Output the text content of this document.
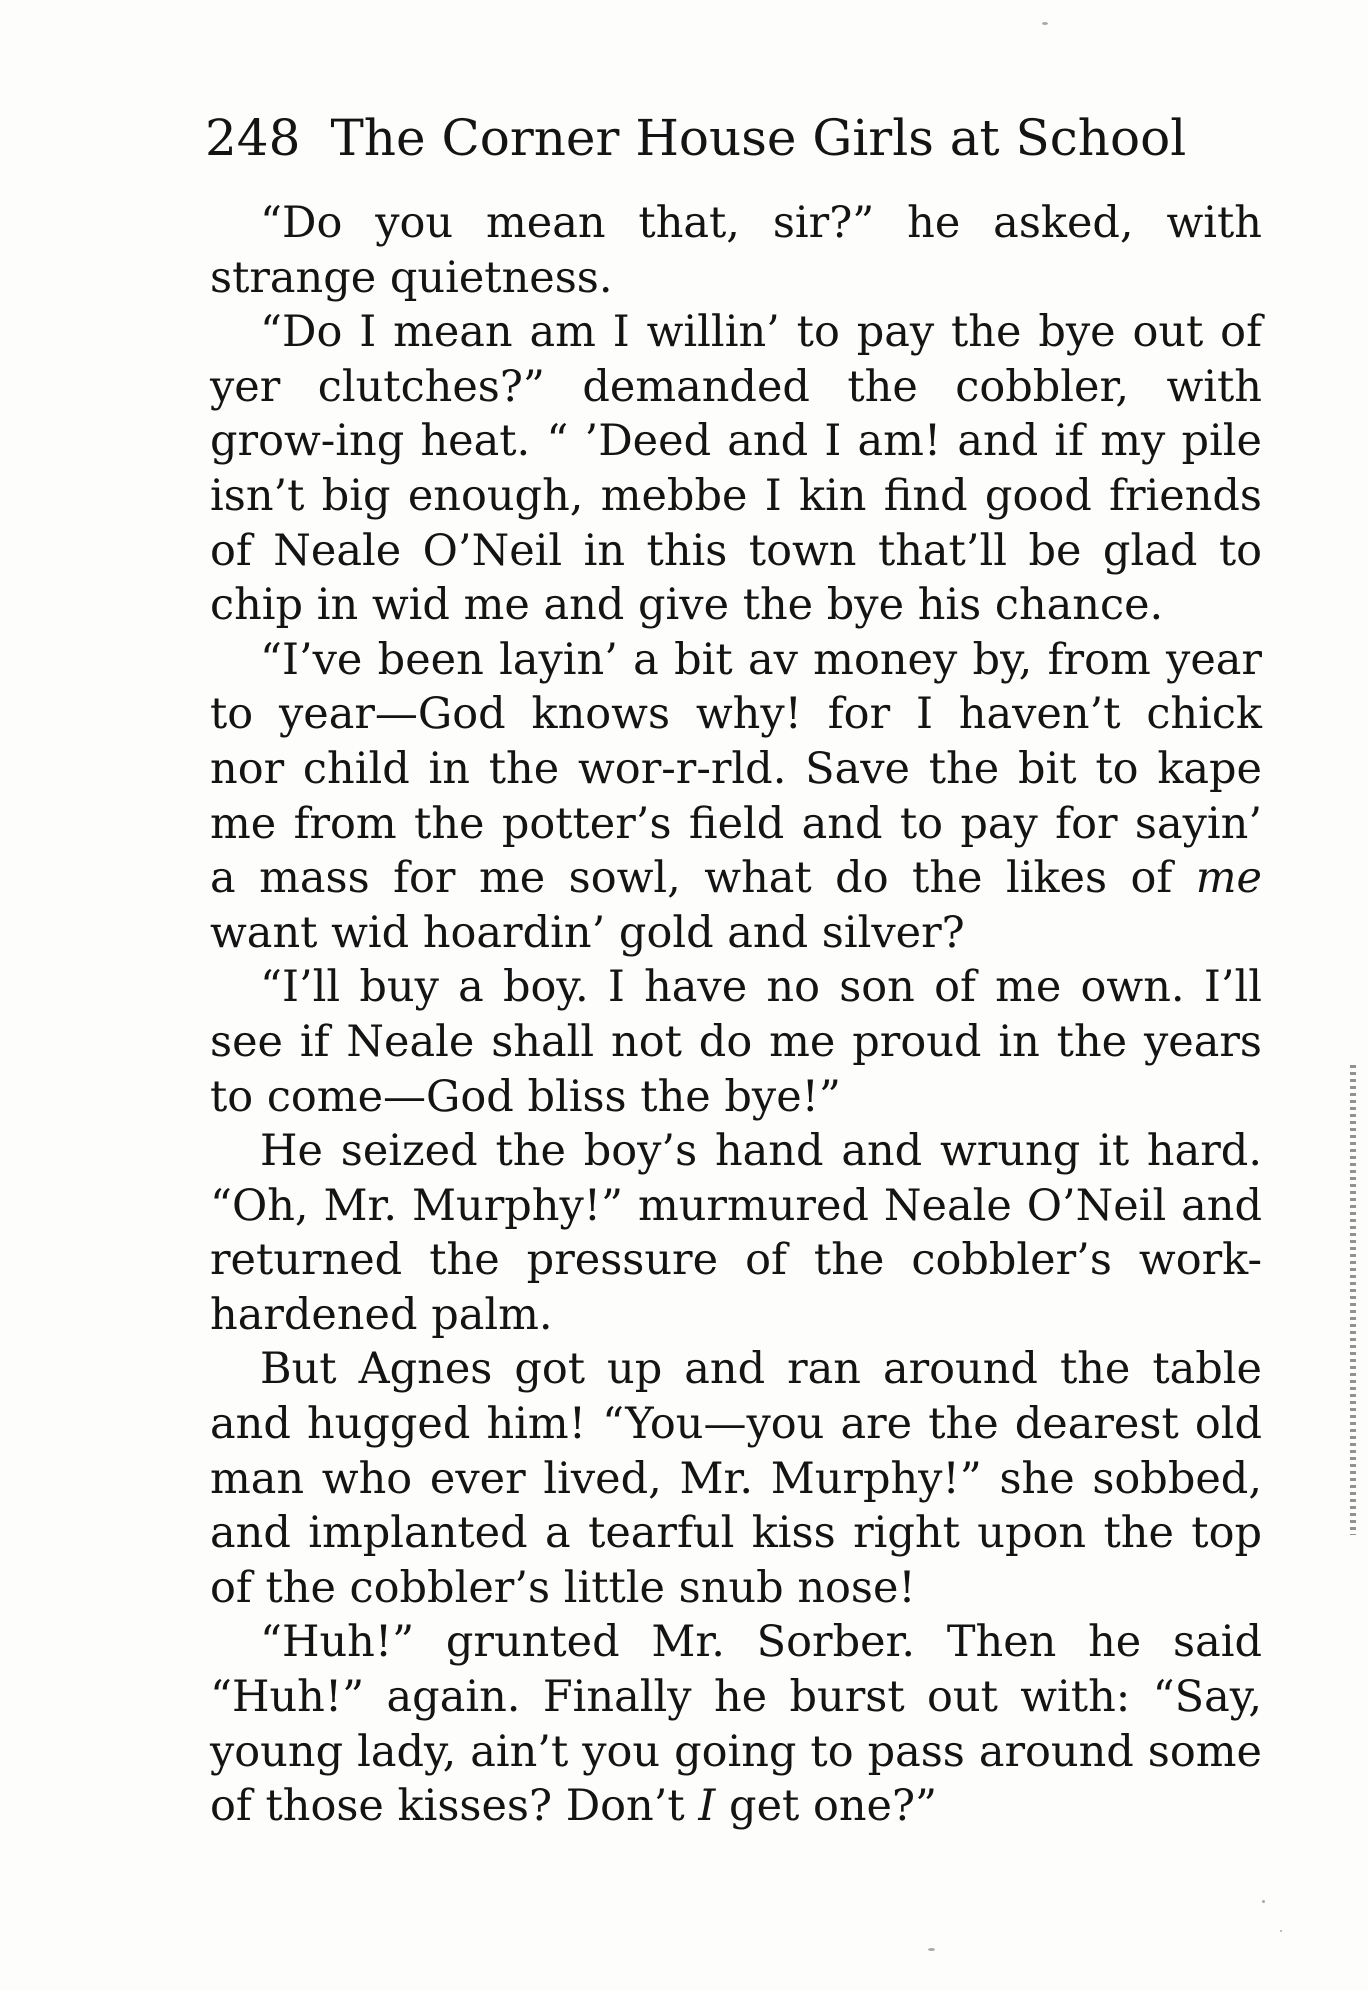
248 The Corner House Girls at School

“Do you mean that, sir?” he asked, with strange quietness.

“Do I mean am I willin’ to pay the bye out of yer clutches?” demanded the cobbler, with grow-ing heat. “ ’Deed and I am! and if my pile isn’t big enough, mebbe I kin find good friends of Neale O’Neil in this town that’ll be glad to chip in wid me and give the bye his chance.

“I’ve been layin’ a bit av money by, from year to year—God knows why! for I haven’t chick nor child in the wor-r-rld. Save the bit to kape me from the potter’s field and to pay for sayin’ a mass for me sowl, what do the likes of me want wid hoardin’ gold and silver?

“I’ll buy a boy. I have no son of me own. I’ll see if Neale shall not do me proud in the years to come—God bliss the bye!”

He seized the boy’s hand and wrung it hard. “Oh, Mr. Murphy!” murmured Neale O’Neil and returned the pressure of the cobbler’s work-hardened palm.

But Agnes got up and ran around the table and hugged him! “You—you are the dearest old man who ever lived, Mr. Murphy!” she sobbed, and implanted a tearful kiss right upon the top of the cobbler’s little snub nose!

“Huh!” grunted Mr. Sorber. Then he said “Huh!” again. Finally he burst out with: “Say, young lady, ain’t you going to pass around some of those kisses? Don’t I get one?”
